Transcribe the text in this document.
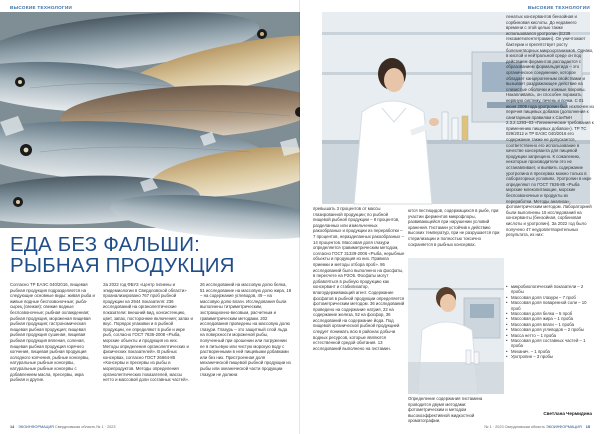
ВЫСОКИЕ ТЕХНОЛОГИИ
ЕДА БЕЗ ФАЛЬШИ: РЫБНАЯ ПРОДУКЦИЯ

Согласно ТР ЕАЭС 040/2016, пищевая рыбная продукция подразделяется на следующие основные виды: живая рыба и живые водные беспозвоночные; рыба-сырец (свежая); свежие водные беспозвоночные; рыбная охлажденная; рыбная продукция, мороженая пищевая рыбная продукция; гастрономическая пищевая рыбная продукция; пищевая рыбная продукция сушеная, пищевая рыбная продукция вяленая, соленая, пищевая рыбная продукция горячего копчения, пищевая рыбная продукция холодного копчения, рыбные консервы, натуральные рыбные консервы, натуральные рыбные консервы с добавлением масла, пресервы, икра рыбная и другие.

За 2022 год ФБУЗ «Центр гигиены и эпидемиологии в Свердловской области» проанализировано 767 проб рыбной продукции на 2944 показателя: 236 исследований на органолептические показатели: внешний вид, консистенцию, цвет, запах, посторонние включения; запах и вкус. Порядок упаковки и в рыбной продукции, ее определяют в рыбе и икре рыб, согласно ГОСТ 7636-2008 «Рыба, морские объекты и продукция из них. Методы определения органолептических и физических показателей». В рыбных консервах, согласно ГОСТ 26664-85 «Консервы и пресервы из рыбы и морепродуктов. Методы определения органолептических показателей, массы нетто и массовой доли составных частей».

26 исследований на массовую долю белка, 51 исследование на массовую долю жира, 18 – на содержание углеводов, 49 – на массовую долю влаги. Исследования были выполнены титриметрическим, экстракционно-весовым, расчетным и гравиметрическим методами. 202 исследования проведены на массовую долю глазури. Глазурь – это защитный слой льда на поверхности мороженой рыбы, полученный при орошении или погружении ее в питьевую или чистую морскую воду с растворенными в ней пищевыми добавками или без них. Пристроенная доля механической пищевой рыбной продукции из рыбы или океанической части продукции глазури не должна

14 ЭКОИНФОРМАЦИЯ Свердловская область № 1 · 2023
ВЫСОКИЕ ТЕХНОЛОГИИ

превышать 3 процентов от массы глазированной продукции; по рыбной пищевой рыбной продукции – 8 процентов, разделанных или измельченных ракообразных и продукции из переработки – 7 процентов, неразделанных ракообразных – 14 процентов. Массовая доля глазури определяется гравиметрическим методом, согласно ГОСТ 31339-2006 «Рыба, нерыбные объекты и продукция из них. Правила приемки и методы отбора проб». 86 исследований было выполнено на фосфаты, в пересчете на P2O5. Фосфаты могут добавляться в рыбную продукцию как консервант и стабилизатор, влагоудерживающий агент. Содержание фосфатов в рыбной продукции определяется фотометрическим методом. 36 исследований проведено на содержание натрия, 22 на содержание железа, 52 на фосфор, 36 исследований на содержание йода. Под пищевой органической рыбной продукцией следует понимать всю в районах добычи водных ресурсов, которые являются естественной средой обитания. 13 исследований выполнено на гистамин.

ются пестицидов, содержащихся в рыбе, при участии ферментов микрофлоры, развивающейся при нарушении условий хранения. Гистамин устойчив к действию высоких температур, при не разрушается при стерилизации и полностью токсично сохраняется в рыбных консервах.

Определение содержания гистамина проводится двумя методами: фотометрическим и методом высокоэффективной жидкостной хроматографии.

ленатых консервантов бензойная и сорбиновая кислоты. До недавнего времени с этой целью также использовался уротропин (Е239 гексаметилентетрамин). Он уничтожает бактерии и препятствует росту болезнетворных микроорганизмов. Однако, в кислой и нейтральной среде он под действием ферментов распадается с образованием формальдегида – это органическое соединение, которое обладает канцерогенным свойствами и вызывает раздражающее действие на слизистые оболочки и кожные покровы. Накапливаясь, он способен поражать нервную систему, печень и почки. С 01 июня 2009 года уротропин был исключен из перечня пищевых добавок (дополнения к санитарным правилам к СанПиН 2.3.2.1293–03 «Гигиенические требования к применению пищевых добавок»). ТР ТС 029/2012 и ТР ЕАЭС 040/2016 его содержание также не допускается, соответственно его использование в качестве консерванта для пищевой продукции запрещено. К сожалению, некоторые производители это не останавливает, и выявить содержание уротропина в пресервах можно только в лабораторных условиях. Уротропин в икре определяют по ГОСТ 7636-85 «Рыба морские млекопитающие, морские беспозвоночные и продукты их переработки. Методы анализа», фотометрическим методом. Лабораторией были выполнены 15 исследований на консерванты (бензойная, сорбиновая кислоты и уротропин). За 2022 год было получено 47 неудовлетворительных результата, из них:

• микробиологический показатели – 2 пробы
• Массовая доля глазури – 7 проб
• Массовая доля поваренной соли – 10 проб
• Массовая доля белка – 5 проб
• Массовая доля жира – 1 проба
• Массовая доля влаги – 1 проба
• Массовая доля углеводов – 2 пробы
• Масса нетто – 1 проба
• Массовая доля составных частей – 1 проба
• Механич. – 1 проба
• Уротропин – 3 пробы
Светлана Чермидина
№ 1 · 2023 Свердловская область ЭКОИНФОРМАЦИЯ 15
